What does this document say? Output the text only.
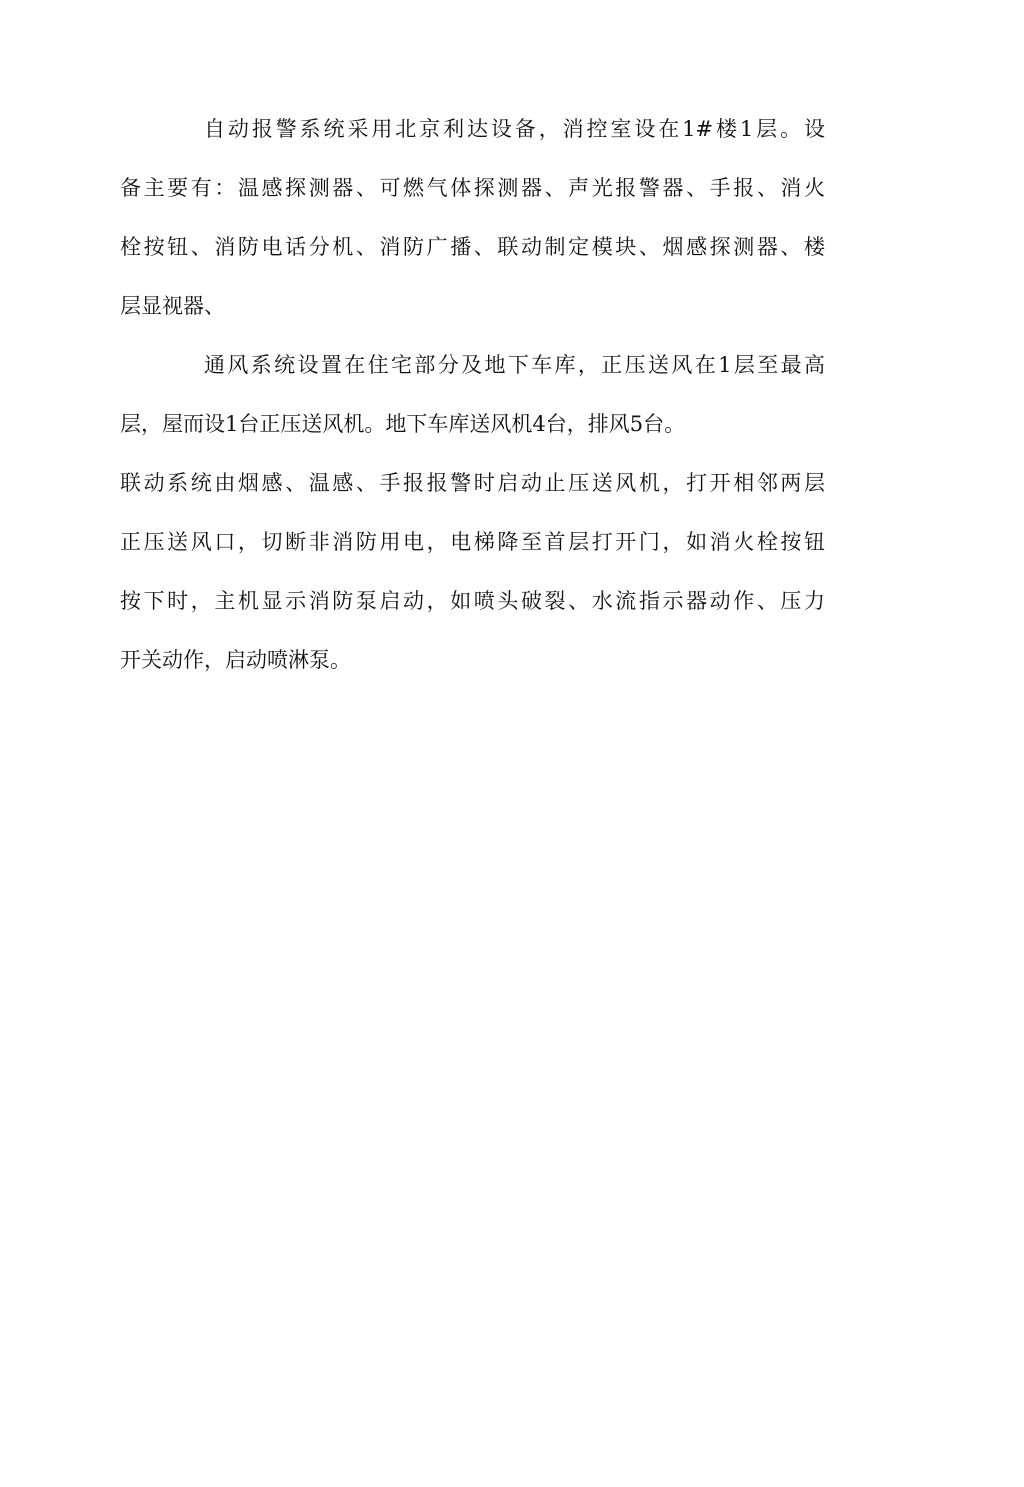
自动报警系统采用北京利达设备，消控室设在1#楼1层。设
备主要有：温感探测器、可燃气体探测器、声光报警器、手报、消火
栓按钮、消防电话分机、消防广播、联动制定模块、烟感探测器、楼
层显视器、
通风系统设置在住宅部分及地下车库，正压送风在1层至最高
层，屋而设1台正压送风机。地下车库送风机4台，排风5台。
联动系统由烟感、温感、手报报警时启动止压送风机，打开相邻两层
正压送风口，切断非消防用电，电梯降至首层打开门，如消火栓按钮
按下时，主机显示消防泵启动，如喷头破裂、水流指示器动作、压力
开关动作，启动喷淋泵。
